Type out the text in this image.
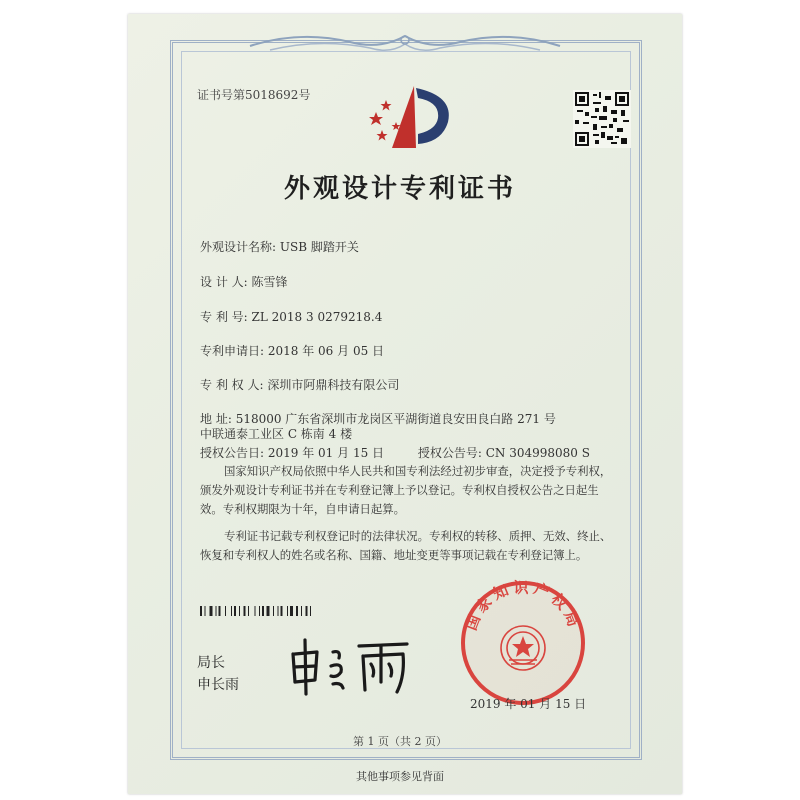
证书号第5018692号
外观设计专利证书
外观设计名称: USB 脚踏开关
设 计 人: 陈雪锋
专 利 号: ZL 2018 3 0279218.4
专利申请日: 2018 年 06 月 05 日
专 利 权 人: 深圳市阿鼎科技有限公司
地 址: 518000 广东省深圳市龙岗区平湖街道良安田良白路 271 号
中联通泰工业区 C 栋南 4 楼
授权公告日: 2019 年 01 月 15 日	授权公告号: CN 304998080 S

国家知识产权局依照中华人民共和国专利法经过初步审查，决定授予专利权，颁发外观设计专利证书并在专利登记簿上予以登记。专利权自授权公告之日起生效。专利权期限为十年，自申请日起算。

专利证书记载专利权登记时的法律状况。专利权的转移、质押、无效、终止、恢复和专利权人的姓名或名称、国籍、地址变更等事项记载在专利登记簿上。

局长
申长雨
国家知识产权局
2019 年 01 月 15 日
第 1 页（共 2 页）
其他事项参见背面
